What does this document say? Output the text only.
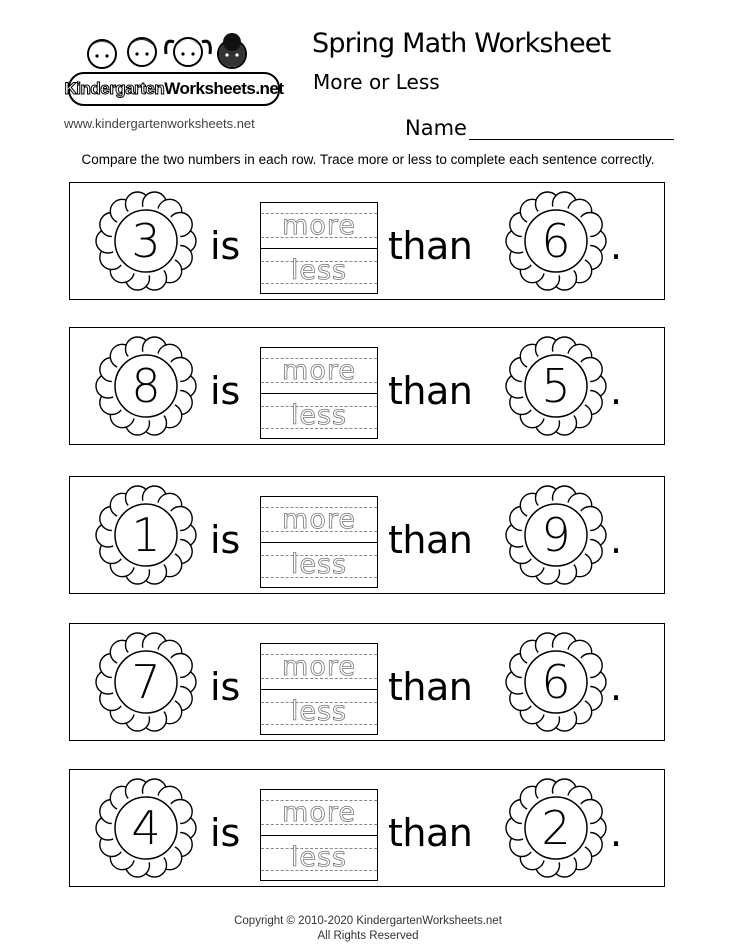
Kindergarten Worksheets.net
www.kindergartenworksheets.net
Spring Math Worksheet
More or Less
Name
Compare the two numbers in each row. Trace more or less to complete each sentence correctly.
3	is	more
less
than	6	.
8	is	more
less
than	5	.
1	is	more
less
than	9	.
7	is	more
less
than	6	.
4	is	more
less
than	2	.
Copyright © 2010-2020 KindergartenWorksheets.net
All Rights Reserved
